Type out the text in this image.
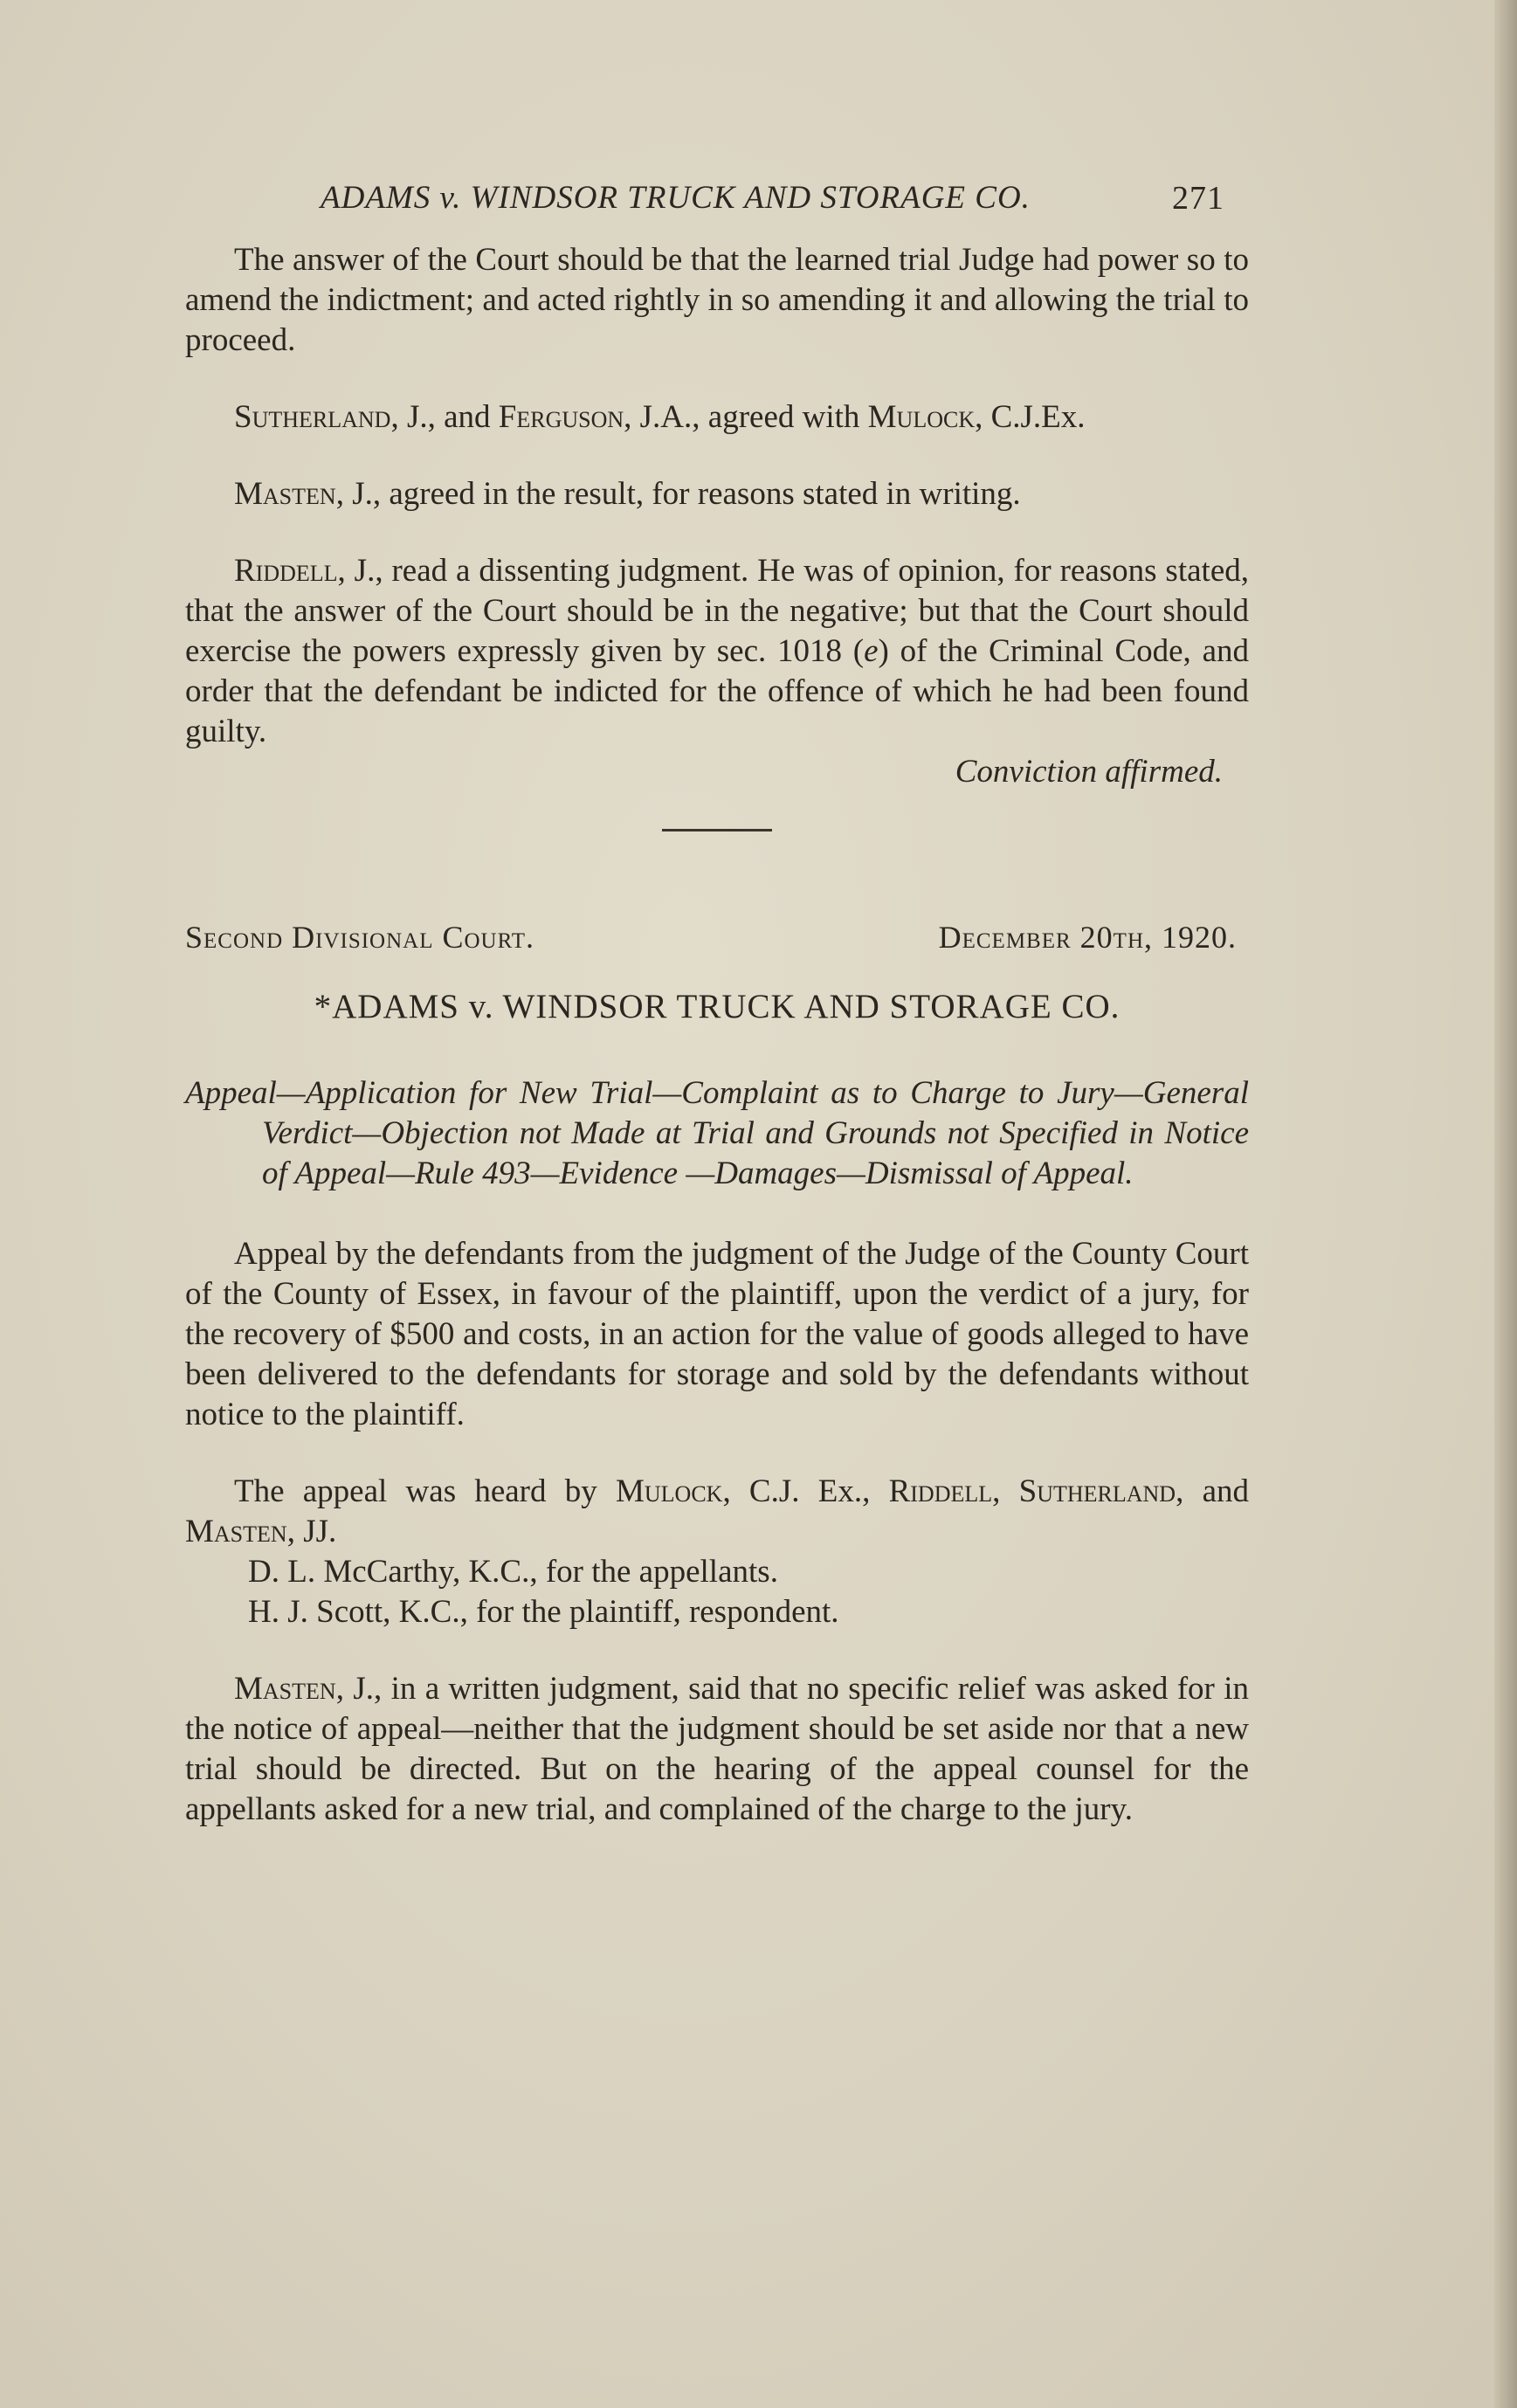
ADAMS v. WINDSOR TRUCK AND STORAGE CO.	271

The answer of the Court should be that the learned trial Judge had power so to amend the indictment; and acted rightly in so amending it and allowing the trial to proceed.

Sutherland, J., and Ferguson, J.A., agreed with Mulock, C.J.Ex.

Masten, J., agreed in the result, for reasons stated in writing.

Riddell, J., read a dissenting judgment. He was of opinion, for reasons stated, that the answer of the Court should be in the negative; but that the Court should exercise the powers expressly given by sec. 1018 (e) of the Criminal Code, and order that the defendant be indicted for the offence of which he had been found guilty.

Conviction affirmed.
Second Divisional Court.	December 20th, 1920.
*ADAMS v. WINDSOR TRUCK AND STORAGE CO.
Appeal—Application for New Trial—Complaint as to Charge to Jury—General Verdict—Objection not Made at Trial and Grounds not Specified in Notice of Appeal—Rule 493—Evidence —Damages—Dismissal of Appeal.

Appeal by the defendants from the judgment of the Judge of the County Court of the County of Essex, in favour of the plaintiff, upon the verdict of a jury, for the recovery of $500 and costs, in an action for the value of goods alleged to have been delivered to the defendants for storage and sold by the defendants without notice to the plaintiff.

The appeal was heard by Mulock, C.J. Ex., Riddell, Sutherland, and Masten, JJ.

D. L. McCarthy, K.C., for the appellants.
H. J. Scott, K.C., for the plaintiff, respondent.

Masten, J., in a written judgment, said that no specific relief was asked for in the notice of appeal—neither that the judgment should be set aside nor that a new trial should be directed. But on the hearing of the appeal counsel for the appellants asked for a new trial, and complained of the charge to the jury.
